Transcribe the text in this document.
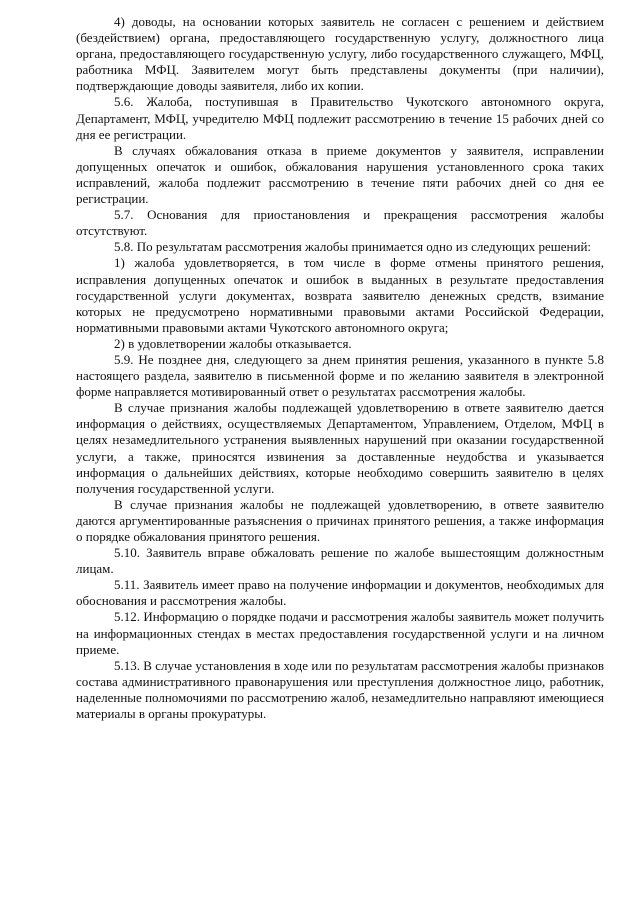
4) доводы, на основании которых заявитель не согласен с решением и действием (бездействием) органа, предоставляющего государственную услугу, должностного лица органа, предоставляющего государственную услугу, либо государственного служащего, МФЦ, работника МФЦ. Заявителем могут быть представлены документы (при наличии), подтверждающие доводы заявителя, либо их копии.

5.6. Жалоба, поступившая в Правительство Чукотского автономного округа, Департамент, МФЦ, учредителю МФЦ подлежит рассмотрению в течение 15 рабочих дней со дня ее регистрации.

В случаях обжалования отказа в приеме документов у заявителя, исправлении допущенных опечаток и ошибок, обжалования нарушения установленного срока таких исправлений, жалоба подлежит рассмотрению в течение пяти рабочих дней со дня ее регистрации.

5.7. Основания для приостановления и прекращения рассмотрения жалобы отсутствуют.

5.8. По результатам рассмотрения жалобы принимается одно из следующих решений:

1) жалоба удовлетворяется, в том числе в форме отмены принятого решения, исправления допущенных опечаток и ошибок в выданных в результате предоставления государственной услуги документах, возврата заявителю денежных средств, взимание которых не предусмотрено нормативными правовыми актами Российской Федерации, нормативными правовыми актами Чукотского автономного округа;

2) в удовлетворении жалобы отказывается.

5.9. Не позднее дня, следующего за днем принятия решения, указанного в пункте 5.8 настоящего раздела, заявителю в письменной форме и по желанию заявителя в электронной форме направляется мотивированный ответ о результатах рассмотрения жалобы.

В случае признания жалобы подлежащей удовлетворению в ответе заявителю дается информация о действиях, осуществляемых Департаментом, Управлением, Отделом, МФЦ в целях незамедлительного устранения выявленных нарушений при оказании государственной услуги, а также, приносятся извинения за доставленные неудобства и указывается информация о дальнейших действиях, которые необходимо совершить заявителю в целях получения государственной услуги.

В случае признания жалобы не подлежащей удовлетворению, в ответе заявителю даются аргументированные разъяснения о причинах принятого решения, а также информация о порядке обжалования принятого решения.

5.10. Заявитель вправе обжаловать решение по жалобе вышестоящим должностным лицам.

5.11. Заявитель имеет право на получение информации и документов, необходимых для обоснования и рассмотрения жалобы.

5.12. Информацию о порядке подачи и рассмотрения жалобы заявитель может получить на информационных стендах в местах предоставления государственной услуги и на личном приеме.

5.13. В случае установления в ходе или по результатам рассмотрения жалобы признаков состава административного правонарушения или преступления должностное лицо, работник, наделенные полномочиями по рассмотрению жалоб, незамедлительно направляют имеющиеся материалы в органы прокуратуры.
